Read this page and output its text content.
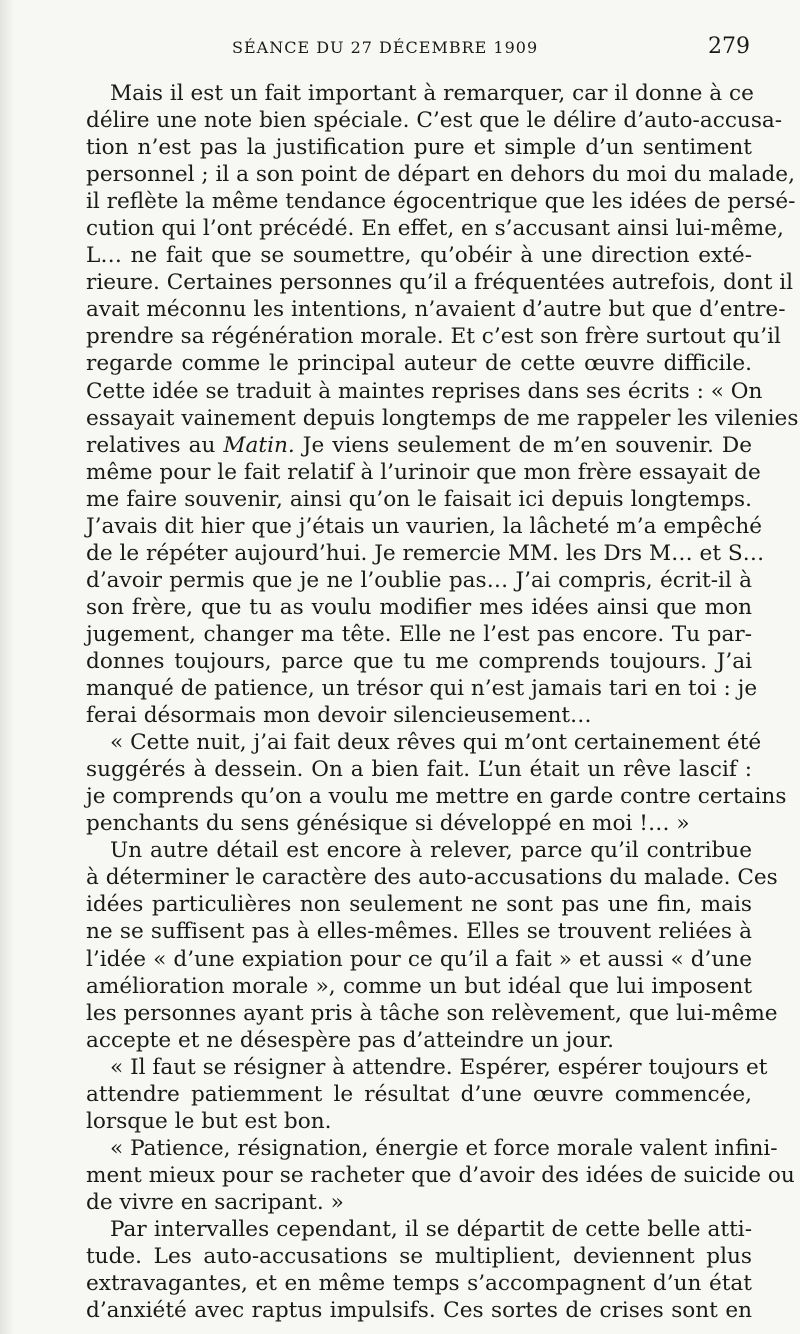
SÉANCE DU 27 DÉCEMBRE 1909	279
Mais il est un fait important à remarquer, car il donne à ce
délire une note bien spéciale. C’est que le délire d’auto-accusa-
tion n’est pas la justification pure et simple d’un sentiment
personnel ; il a son point de départ en dehors du moi du malade,
il reflète la même tendance égocentrique que les idées de persé-
cution qui l’ont précédé. En effet, en s’accusant ainsi lui-même,
L… ne fait que se soumettre, qu’obéir à une direction exté-
rieure. Certaines personnes qu’il a fréquentées autrefois, dont il
avait méconnu les intentions, n’avaient d’autre but que d’entre-
prendre sa régénération morale. Et c’est son frère surtout qu’il
regarde comme le principal auteur de cette œuvre difficile.
Cette idée se traduit à maintes reprises dans ses écrits : « On
essayait vainement depuis longtemps de me rappeler les vilenies
relatives au Matin. Je viens seulement de m’en souvenir. De
même pour le fait relatif à l’urinoir que mon frère essayait de
me faire souvenir, ainsi qu’on le faisait ici depuis longtemps.
J’avais dit hier que j’étais un vaurien, la lâcheté m’a empêché
de le répéter aujourd’hui. Je remercie MM. les Drs M… et S…
d’avoir permis que je ne l’oublie pas… J’ai compris, écrit-il à
son frère, que tu as voulu modifier mes idées ainsi que mon
jugement, changer ma tête. Elle ne l’est pas encore. Tu par-
donnes toujours, parce que tu me comprends toujours. J’ai
manqué de patience, un trésor qui n’est jamais tari en toi : je
ferai désormais mon devoir silencieusement…
« Cette nuit, j’ai fait deux rêves qui m’ont certainement été
suggérés à dessein. On a bien fait. L’un était un rêve lascif :
je comprends qu’on a voulu me mettre en garde contre certains
penchants du sens génésique si développé en moi !… »
Un autre détail est encore à relever, parce qu’il contribue
à déterminer le caractère des auto-accusations du malade. Ces
idées particulières non seulement ne sont pas une fin, mais
ne se suffisent pas à elles-mêmes. Elles se trouvent reliées à
l’idée « d’une expiation pour ce qu’il a fait » et aussi « d’une
amélioration morale », comme un but idéal que lui imposent
les personnes ayant pris à tâche son relèvement, que lui-même
accepte et ne désespère pas d’atteindre un jour.
« Il faut se résigner à attendre. Espérer, espérer toujours et
attendre patiemment le résultat d’une œuvre commencée,
lorsque le but est bon.
« Patience, résignation, énergie et force morale valent infini-
ment mieux pour se racheter que d’avoir des idées de suicide ou
de vivre en sacripant. »
Par intervalles cependant, il se départit de cette belle atti-
tude. Les auto-accusations se multiplient, deviennent plus
extravagantes, et en même temps s’accompagnent d’un état
d’anxiété avec raptus impulsifs. Ces sortes de crises sont en
